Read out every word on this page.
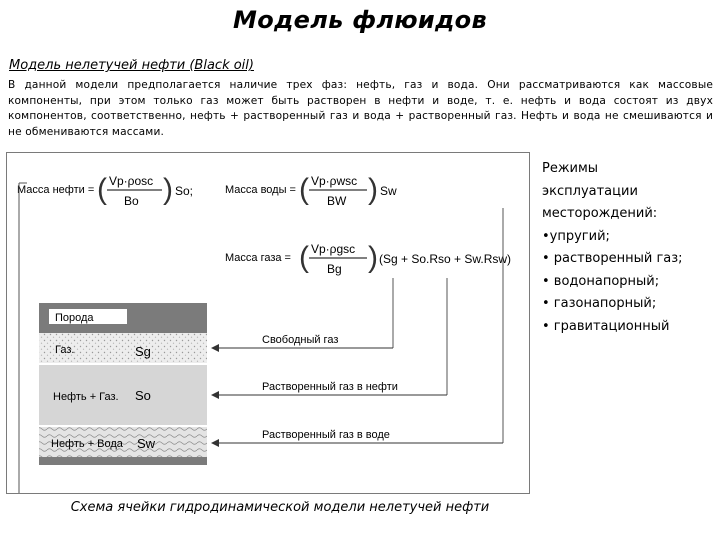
Модель флюидов
Модель нелетучей нефти (Black oil)
В данной модели предполагается наличие трех фаз: нефть, газ и вода. Они рассматриваются как массовые компоненты, при этом только газ может быть растворен в нефти и воде, т. е. нефть и вода состоят из двух компонентов, соответственно, нефть + растворенный газ и вода + растворенный газ. Нефть и вода не смешиваются и не обмениваются массами.
Масса нефти = ( Vp·ρosc
Bo ) So;	Масса воды = ( Vp·ρwsc
BW ) Sw
Масса газа = ( Vp·ρgsc
Bg ) (Sg + So.Rso + Sw.Rsw)
Порода
Газ.	Sg
Нефть + Газ. So
Нефть + Вода Sw
Свободный газ
Растворенный газ в нефти
Растворенный газ в воде
Режимы
эксплуатации
месторождений:
•упругий;
• растворенный газ;
• водонапорный;
• газонапорный;
• гравитационный
Схема ячейки гидродинамической модели нелетучей нефти
